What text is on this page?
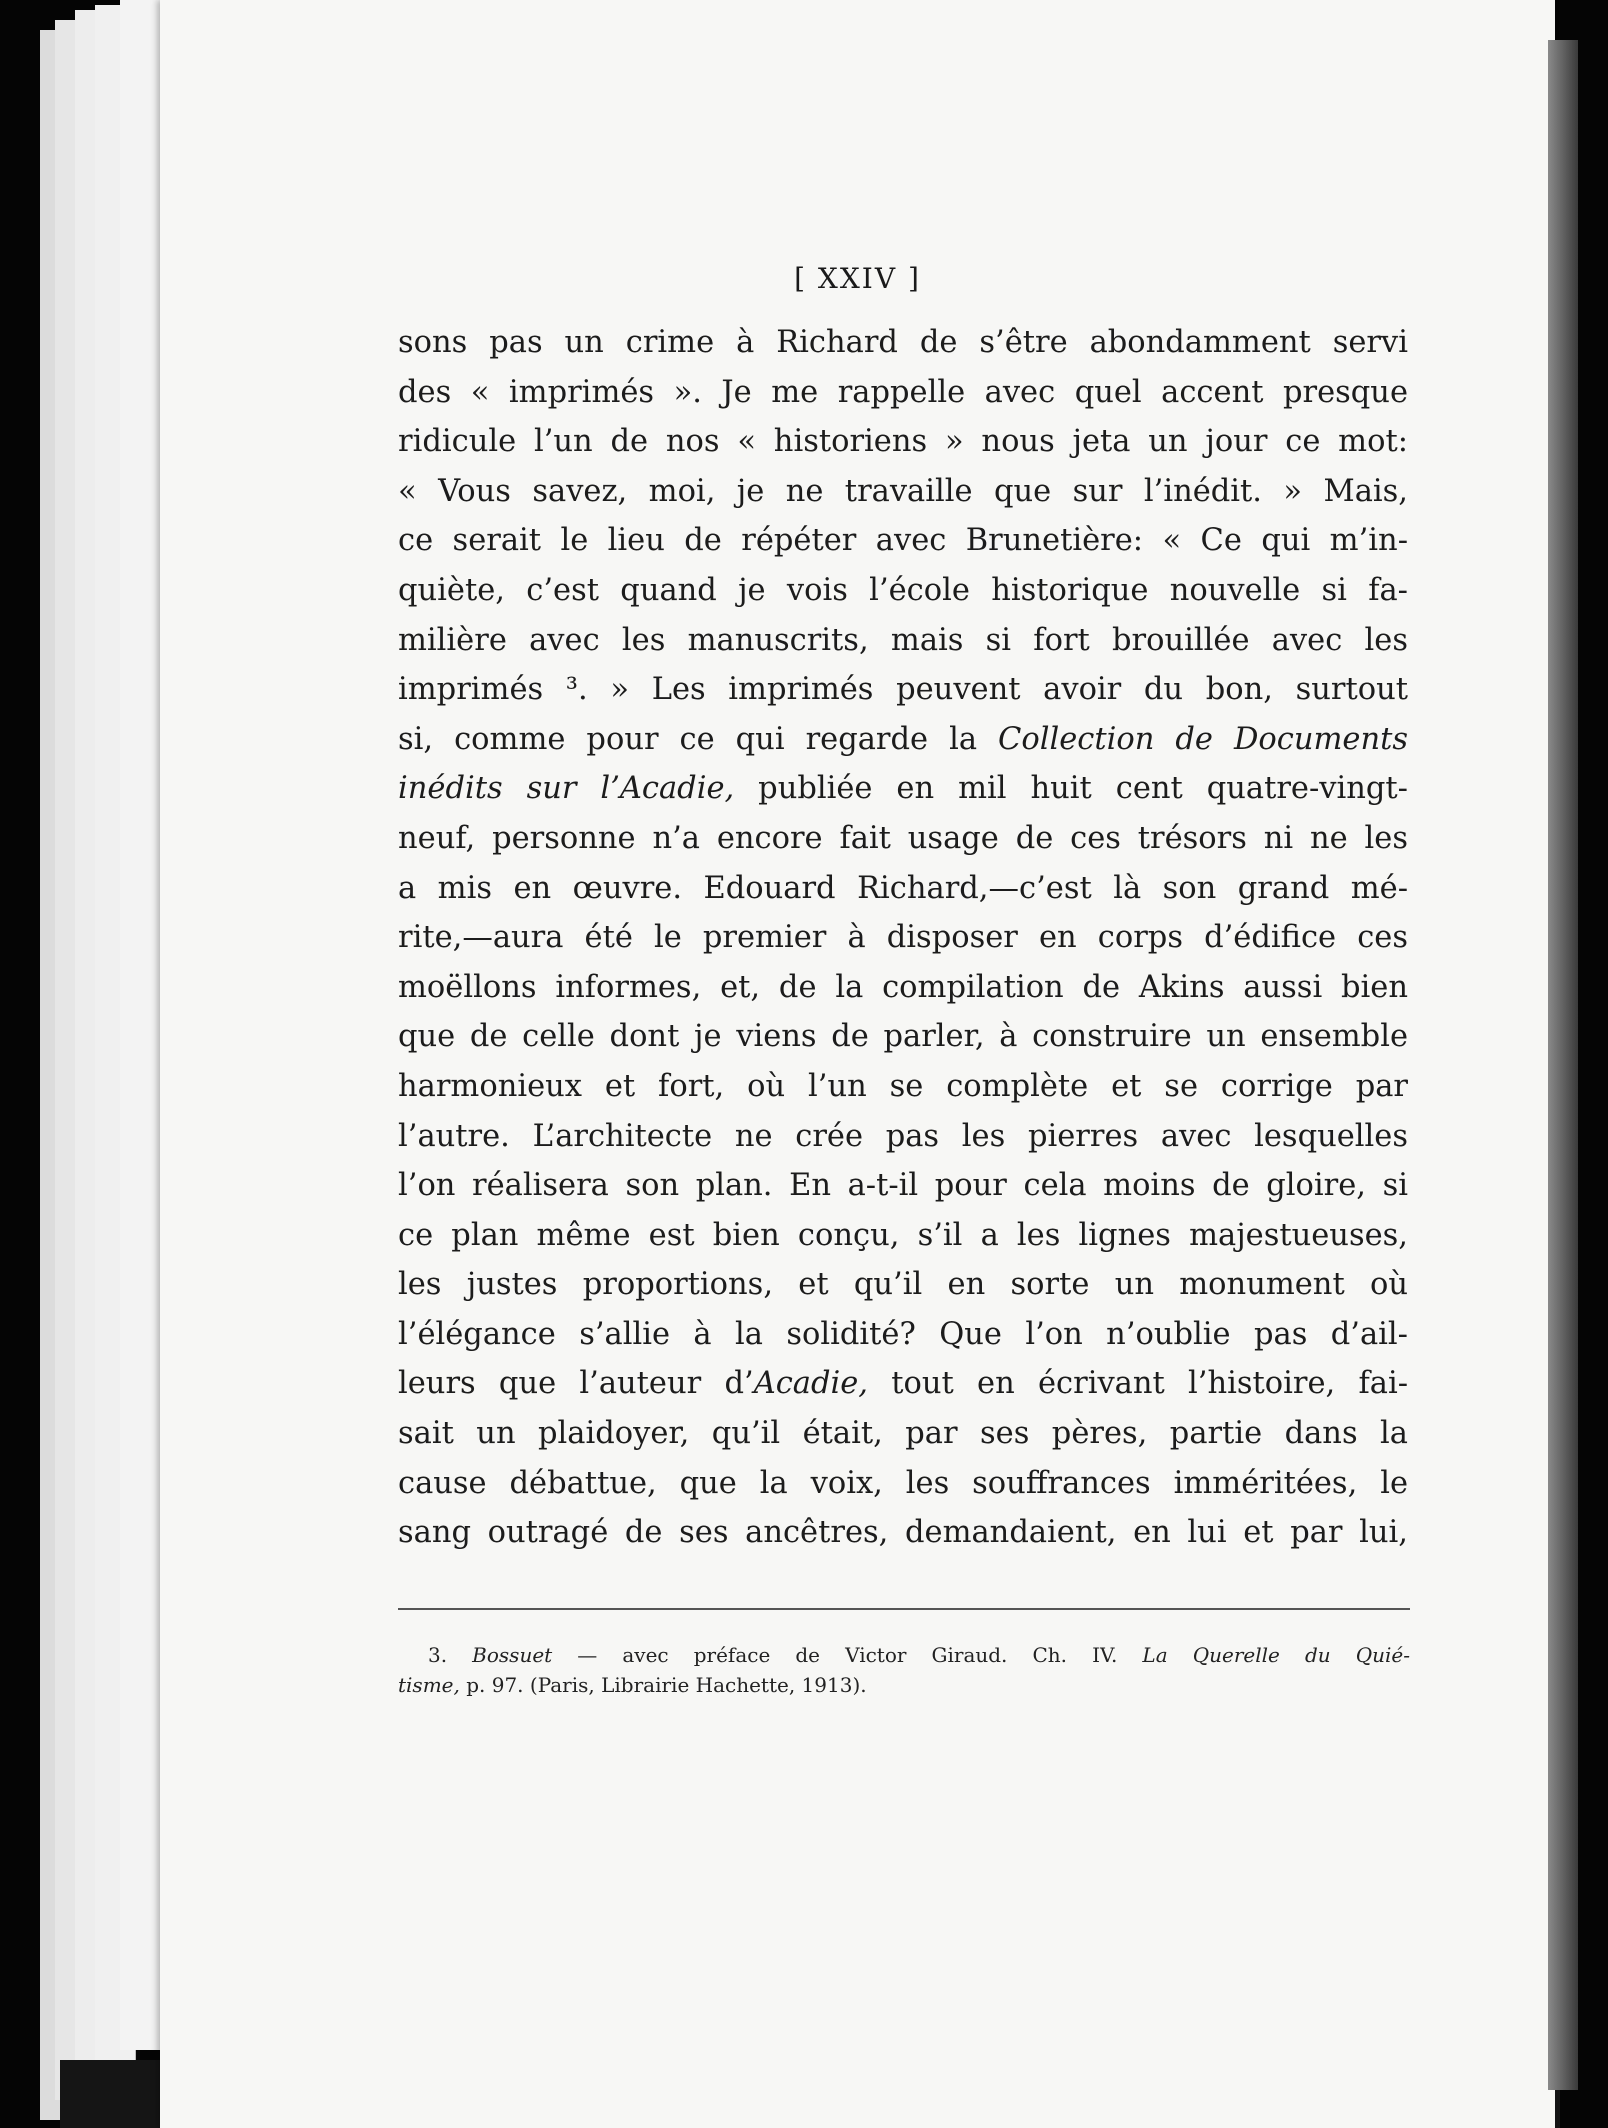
[ XXIV ]
sons pas un crime à Richard de s’être abondamment servi
des « imprimés ». Je me rappelle avec quel accent presque
ridicule l’un de nos « historiens » nous jeta un jour ce mot:
« Vous savez, moi, je ne travaille que sur l’inédit. » Mais,
ce serait le lieu de répéter avec Brunetière: « Ce qui m’in-
quiète, c’est quand je vois l’école historique nouvelle si fa-
milière avec les manuscrits, mais si fort brouillée avec les
imprimés ³. » Les imprimés peuvent avoir du bon, surtout
si, comme pour ce qui regarde la Collection de Documents
inédits sur l’Acadie, publiée en mil huit cent quatre-vingt-
neuf, personne n’a encore fait usage de ces trésors ni ne les
a mis en œuvre. Edouard Richard,—c’est là son grand mé-
rite,—aura été le premier à disposer en corps d’édifice ces
moëllons informes, et, de la compilation de Akins aussi bien
que de celle dont je viens de parler, à construire un ensemble
harmonieux et fort, où l’un se complète et se corrige par
l’autre. L’architecte ne crée pas les pierres avec lesquelles
l’on réalisera son plan. En a-t-il pour cela moins de gloire, si
ce plan même est bien conçu, s’il a les lignes majestueuses,
les justes proportions, et qu’il en sorte un monument où
l’élégance s’allie à la solidité? Que l’on n’oublie pas d’ail-
leurs que l’auteur d’Acadie, tout en écrivant l’histoire, fai-
sait un plaidoyer, qu’il était, par ses pères, partie dans la
cause débattue, que la voix, les souffrances imméritées, le
sang outragé de ses ancêtres, demandaient, en lui et par lui,
3. Bossuet — avec préface de Victor Giraud. Ch. IV. La Querelle du Quié-
tisme, p. 97. (Paris, Librairie Hachette, 1913).
